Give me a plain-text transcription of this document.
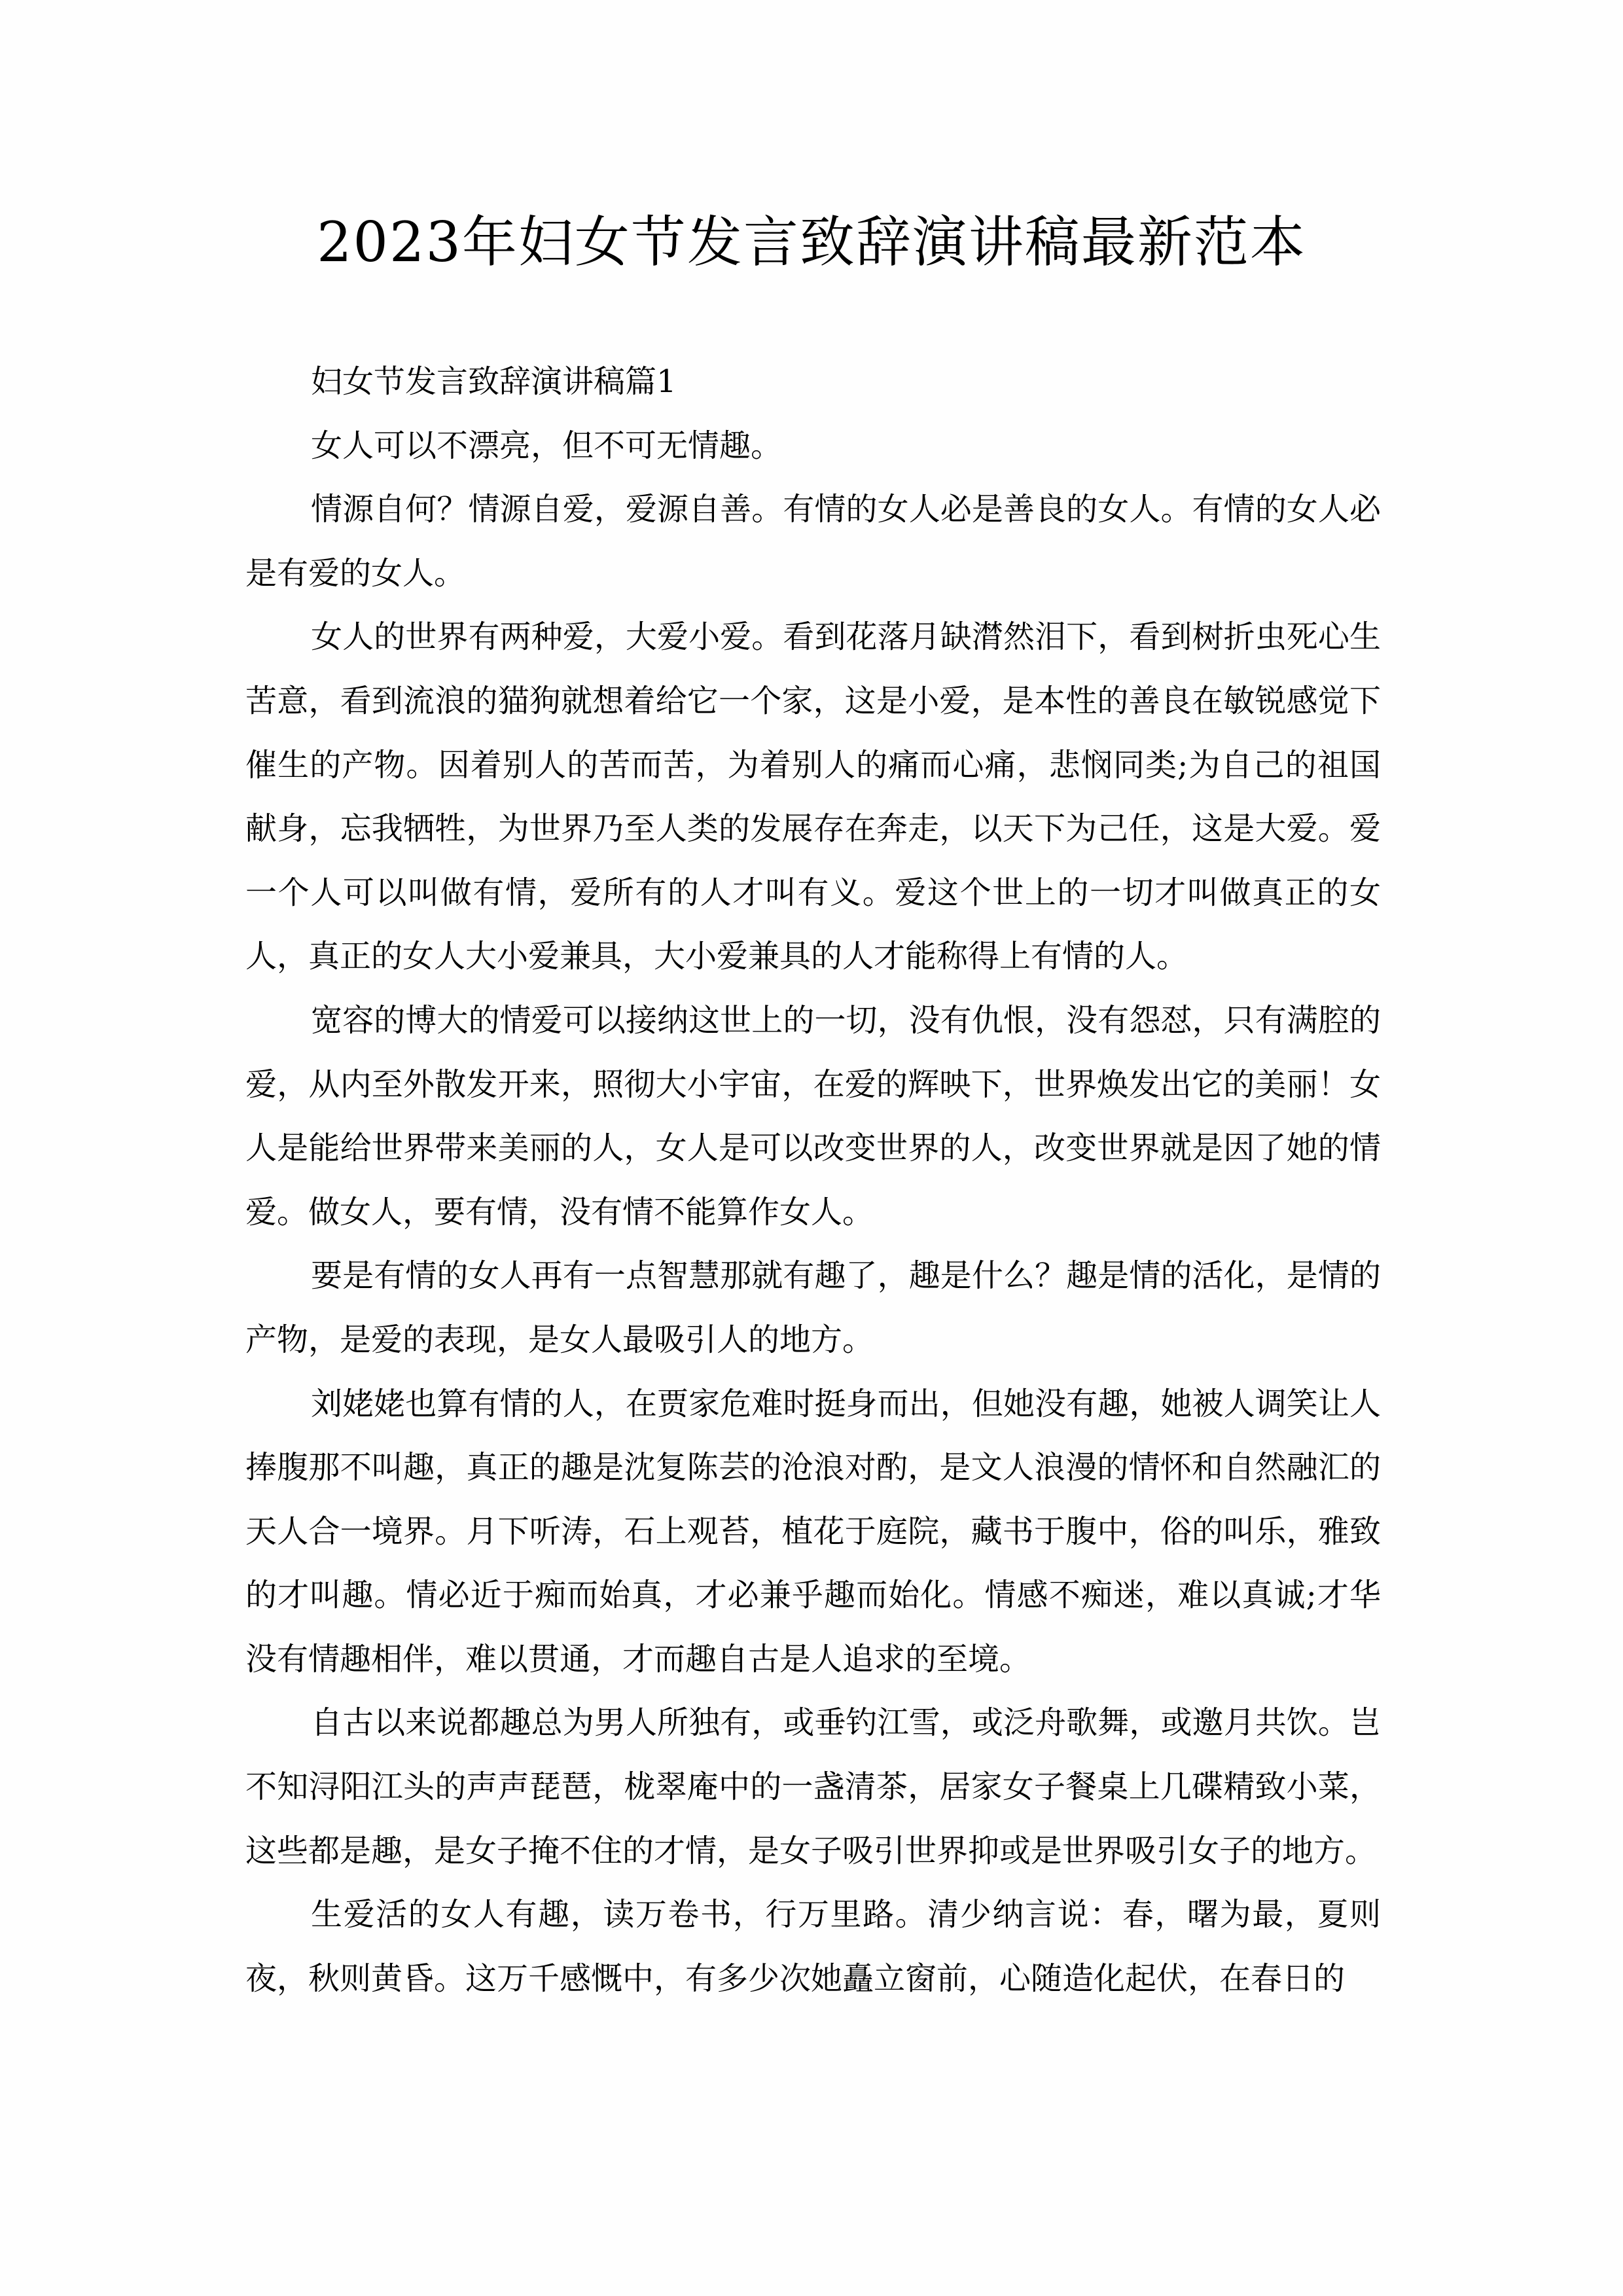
2023年妇女节发言致辞演讲稿最新范本

妇女节发言致辞演讲稿篇1

女人可以不漂亮，但不可无情趣。

情源自何？情源自爱，爱源自善。有情的女人必是善良的女人。有情的女人必是有爱的女人。

女人的世界有两种爱，大爱小爱。看到花落月缺潸然泪下，看到树折虫死心生苦意，看到流浪的猫狗就想着给它一个家，这是小爱，是本性的善良在敏锐感觉下催生的产物。因着别人的苦而苦，为着别人的痛而心痛，悲悯同类;为自己的祖国献身，忘我牺牲，为世界乃至人类的发展存在奔走，以天下为己任，这是大爱。爱一个人可以叫做有情，爱所有的人才叫有义。爱这个世上的一切才叫做真正的女人，真正的女人大小爱兼具，大小爱兼具的人才能称得上有情的人。

宽容的博大的情爱可以接纳这世上的一切，没有仇恨，没有怨怼，只有满腔的爱，从内至外散发开来，照彻大小宇宙，在爱的辉映下，世界焕发出它的美丽！女人是能给世界带来美丽的人，女人是可以改变世界的人，改变世界就是因了她的情爱。做女人，要有情，没有情不能算作女人。

要是有情的女人再有一点智慧那就有趣了，趣是什么？趣是情的活化，是情的产物，是爱的表现，是女人最吸引人的地方。

刘姥姥也算有情的人，在贾家危难时挺身而出，但她没有趣，她被人调笑让人捧腹那不叫趣，真正的趣是沈复陈芸的沧浪对酌，是文人浪漫的情怀和自然融汇的天人合一境界。月下听涛，石上观苔，植花于庭院，藏书于腹中，俗的叫乐，雅致的才叫趣。情必近于痴而始真，才必兼乎趣而始化。情感不痴迷，难以真诚;才华没有情趣相伴，难以贯通，才而趣自古是人追求的至境。

自古以来说都趣总为男人所独有，或垂钓江雪，或泛舟歌舞，或邀月共饮。岂不知浔阳江头的声声琵琶，栊翠庵中的一盏清茶，居家女子餐桌上几碟精致小菜，这些都是趣，是女子掩不住的才情，是女子吸引世界抑或是世界吸引女子的地方。

生爱活的女人有趣，读万卷书，行万里路。清少纳言说：春，曙为最，夏则夜，秋则黄昏。这万千感慨中，有多少次她矗立窗前，心随造化起伏，在春日的
